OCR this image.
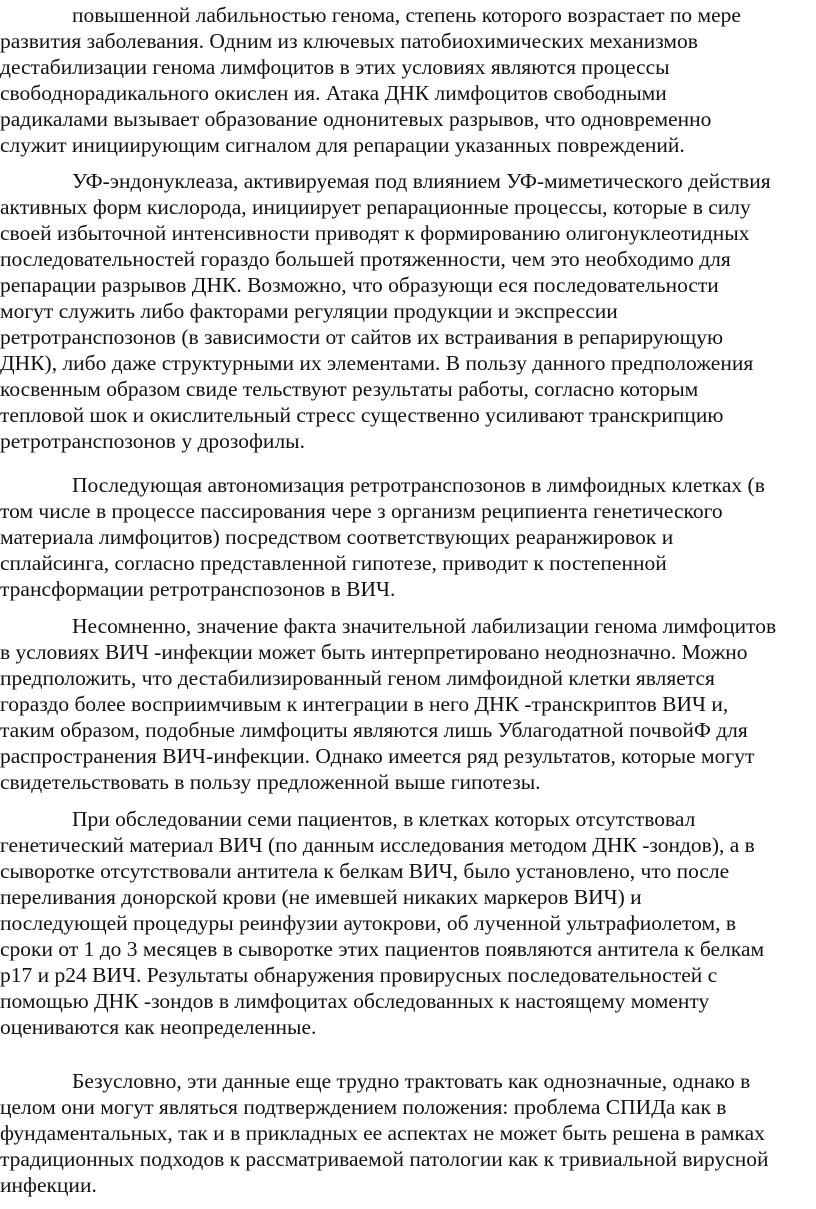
повышенной лабильностью генома, степень которого возрастает по мере
развития заболевания. Одним из ключевых патобиохимических механизмов
дестабилизации генома лимфоцитов в этих условиях являются процессы
свободнорадикального окислен ия. Атака ДНК лимфоцитов свободными
радикалами вызывает образование однонитевых разрывов, что одновременно
служит инициирующим сигналом для репарации указанных повреждений.
УФ-эндонуклеаза, активируемая под влиянием УФ-миметического действия
активных форм кислорода, инициирует репарационные процессы, которые в силу
своей избыточной интенсивности приводят к формированию олигонуклеотидных
последовательностей гораздо большей протяженности, чем это необходимо для
репарации разрывов ДНК. Возможно, что образующи еся последовательности
могут служить либо факторами регуляции продукции и экспрессии
ретротранспозонов (в зависимости от сайтов их встраивания в репарирующую
ДНК), либо даже структурными их элементами. В пользу данного предположения
косвенным образом свиде тельствуют результаты работы, согласно которым
тепловой шок и окислительный стресс существенно усиливают транскрипцию
ретротранспозонов у дрозофилы.
Последующая автономизация ретротранспозонов в лимфоидных клетках (в
том числе в процессе пассирования чере з организм реципиента генетического
материала лимфоцитов) посредством соответствующих реаранжировок и
сплайсинга, согласно представленной гипотезе, приводит к постепенной
трансформации ретротранспозонов в ВИЧ.
Несомненно, значение факта значительной лабилизации генома лимфоцитов
в условиях ВИЧ -инфекции может быть интерпретировано неоднозначно. Можно
предположить, что дестабилизированный геном лимфоидной клетки является
гораздо более восприимчивым к интеграции в него ДНК -транскриптов ВИЧ и,
таким образом, подобные лимфоциты являются лишь Ублагодатной почвойФ для
распространения ВИЧ-инфекции. Однако имеется ряд результатов, которые могут
свидетельствовать в пользу предложенной выше гипотезы.
При обследовании семи пациентов, в клетках которых отсутствовал
генетический материал ВИЧ (по данным исследования методом ДНК -зондов), а в
сыворотке отсутствовали антитела к белкам ВИЧ, было установлено, что после
переливания донорской крови (не имевшей никаких маркеров ВИЧ) и
последующей процедуры реинфузии аутокрови, об лученной ультрафиолетом, в
сроки от 1 до 3 месяцев в сыворотке этих пациентов появляются антитела к белкам
p17 и p24 ВИЧ. Результаты обнаружения провирусных последовательностей с
помощью ДНК -зондов в лимфоцитах обследованных к настоящему моменту
оцениваются как неопределенные.
Безусловно, эти данные еще трудно трактовать как однозначные, однако в
целом они могут являться подтверждением положения: проблема СПИДа как в
фундаментальных, так и в прикладных ее аспектах не может быть решена в рамках
традиционных подходов к рассматриваемой патологии как к тривиальной вирусной
инфекции.
